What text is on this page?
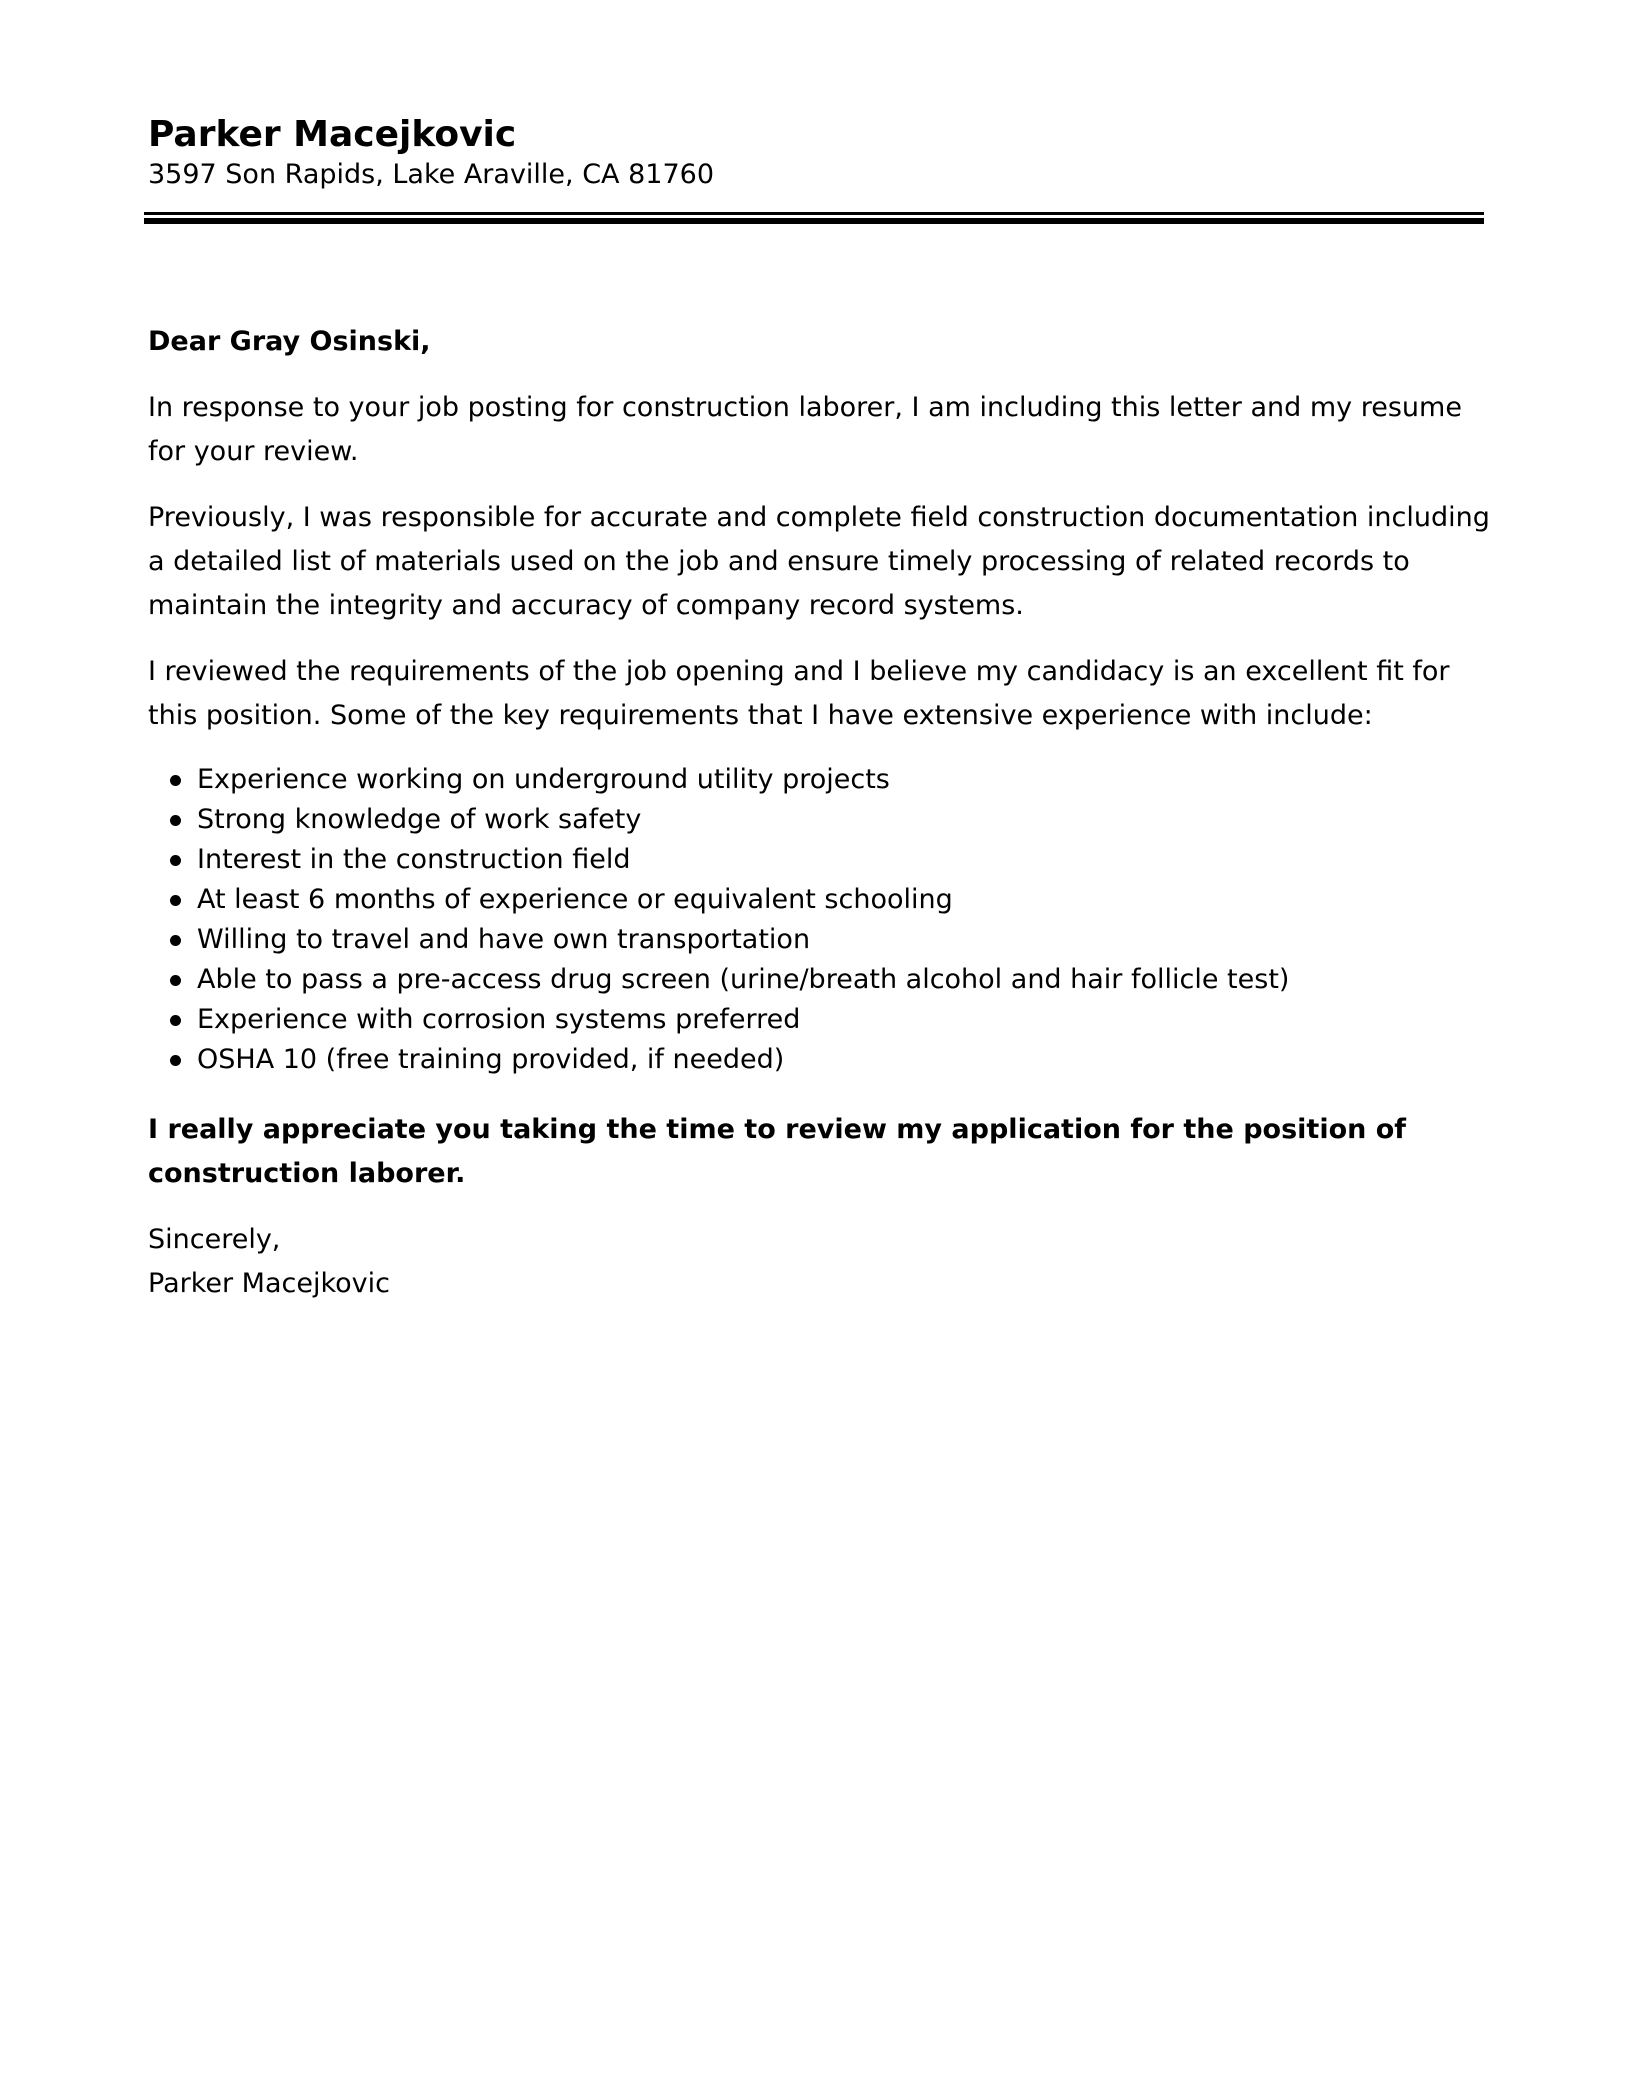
Parker Macejkovic

3597 Son Rapids, Lake Araville, CA 81760

Dear Gray Osinski,

In response to your job posting for construction laborer, I am including this letter and my resume for your review.

Previously, I was responsible for accurate and complete field construction documentation including a detailed list of materials used on the job and ensure timely processing of related records to maintain the integrity and accuracy of company record systems.

I reviewed the requirements of the job opening and I believe my candidacy is an excellent fit for this position. Some of the key requirements that I have extensive experience with include:

Experience working on underground utility projects
Strong knowledge of work safety
Interest in the construction field
At least 6 months of experience or equivalent schooling
Willing to travel and have own transportation
Able to pass a pre-access drug screen (urine/breath alcohol and hair follicle test)
Experience with corrosion systems preferred
OSHA 10 (free training provided, if needed)

I really appreciate you taking the time to review my application for the position of construction laborer.

Sincerely,

Parker Macejkovic
